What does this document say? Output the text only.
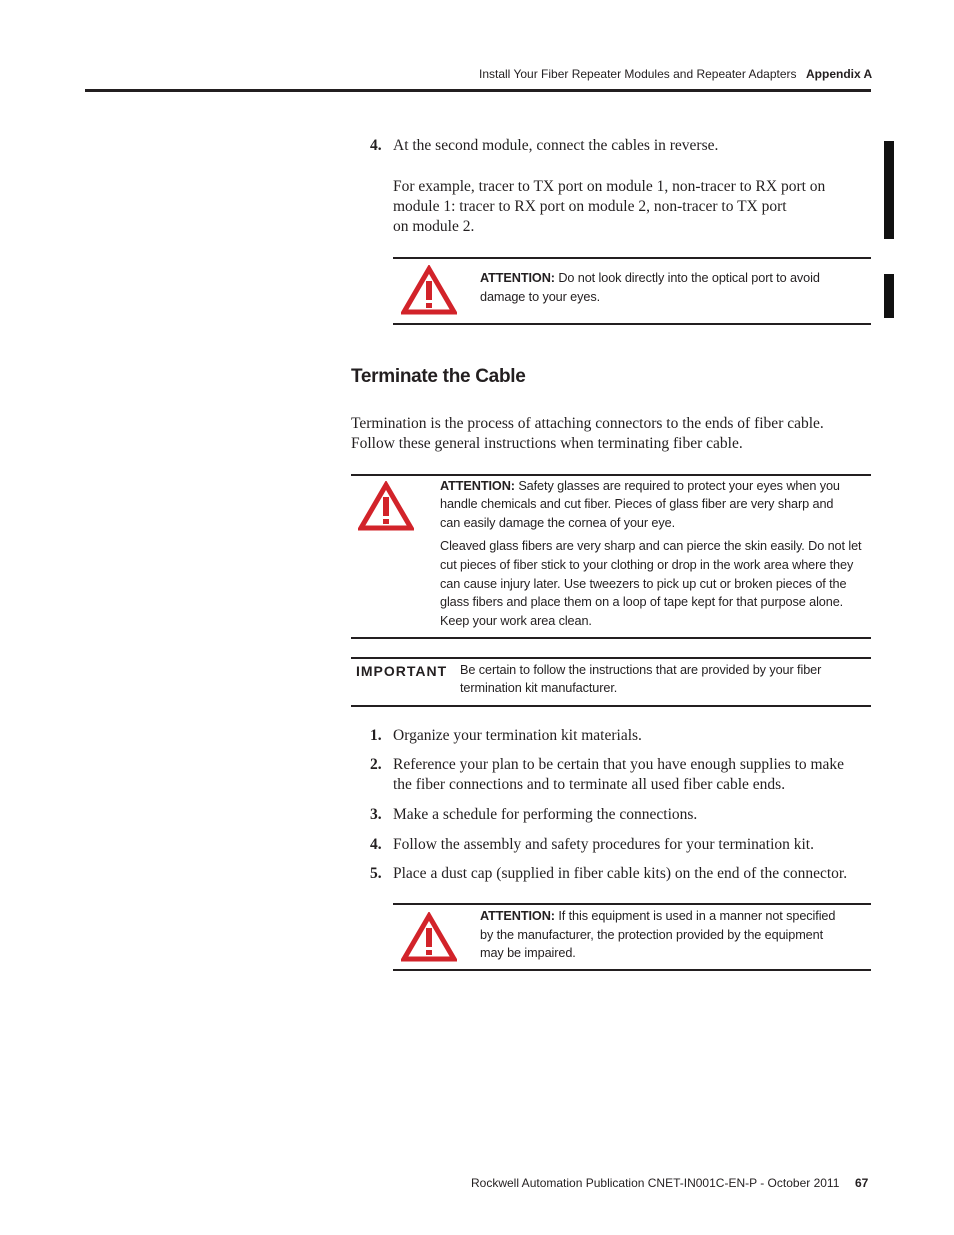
Install Your Fiber Repeater Modules and Repeater Adapters Appendix A
4. At the second module, connect the cables in reverse.
For example, tracer to TX port on module 1, non-tracer to RX port on
module 1: tracer to RX port on module 2, non-tracer to TX port
on module 2.
ATTENTION: Do not look directly into the optical port to avoid
damage to your eyes.
Terminate the Cable
Termination is the process of attaching connectors to the ends of fiber cable.
Follow these general instructions when terminating fiber cable.
ATTENTION: Safety glasses are required to protect your eyes when you
handle chemicals and cut fiber. Pieces of glass fiber are very sharp and
can easily damage the cornea of your eye.
Cleaved glass fibers are very sharp and can pierce the skin easily. Do not let
cut pieces of fiber stick to your clothing or drop in the work area where they
can cause injury later. Use tweezers to pick up cut or broken pieces of the
glass fibers and place them on a loop of tape kept for that purpose alone.
Keep your work area clean.
IMPORTANT Be certain to follow the instructions that are provided by your fiber
termination kit manufacturer.
1. Organize your termination kit materials.
2. Reference your plan to be certain that you have enough supplies to make
the fiber connections and to terminate all used fiber cable ends.
3. Make a schedule for performing the connections.
4. Follow the assembly and safety procedures for your termination kit.
5. Place a dust cap (supplied in fiber cable kits) on the end of the connector.
ATTENTION: If this equipment is used in a manner not specified
by the manufacturer, the protection provided by the equipment
may be impaired.
Rockwell Automation Publication CNET-IN001C-EN-P - October 2011 67
